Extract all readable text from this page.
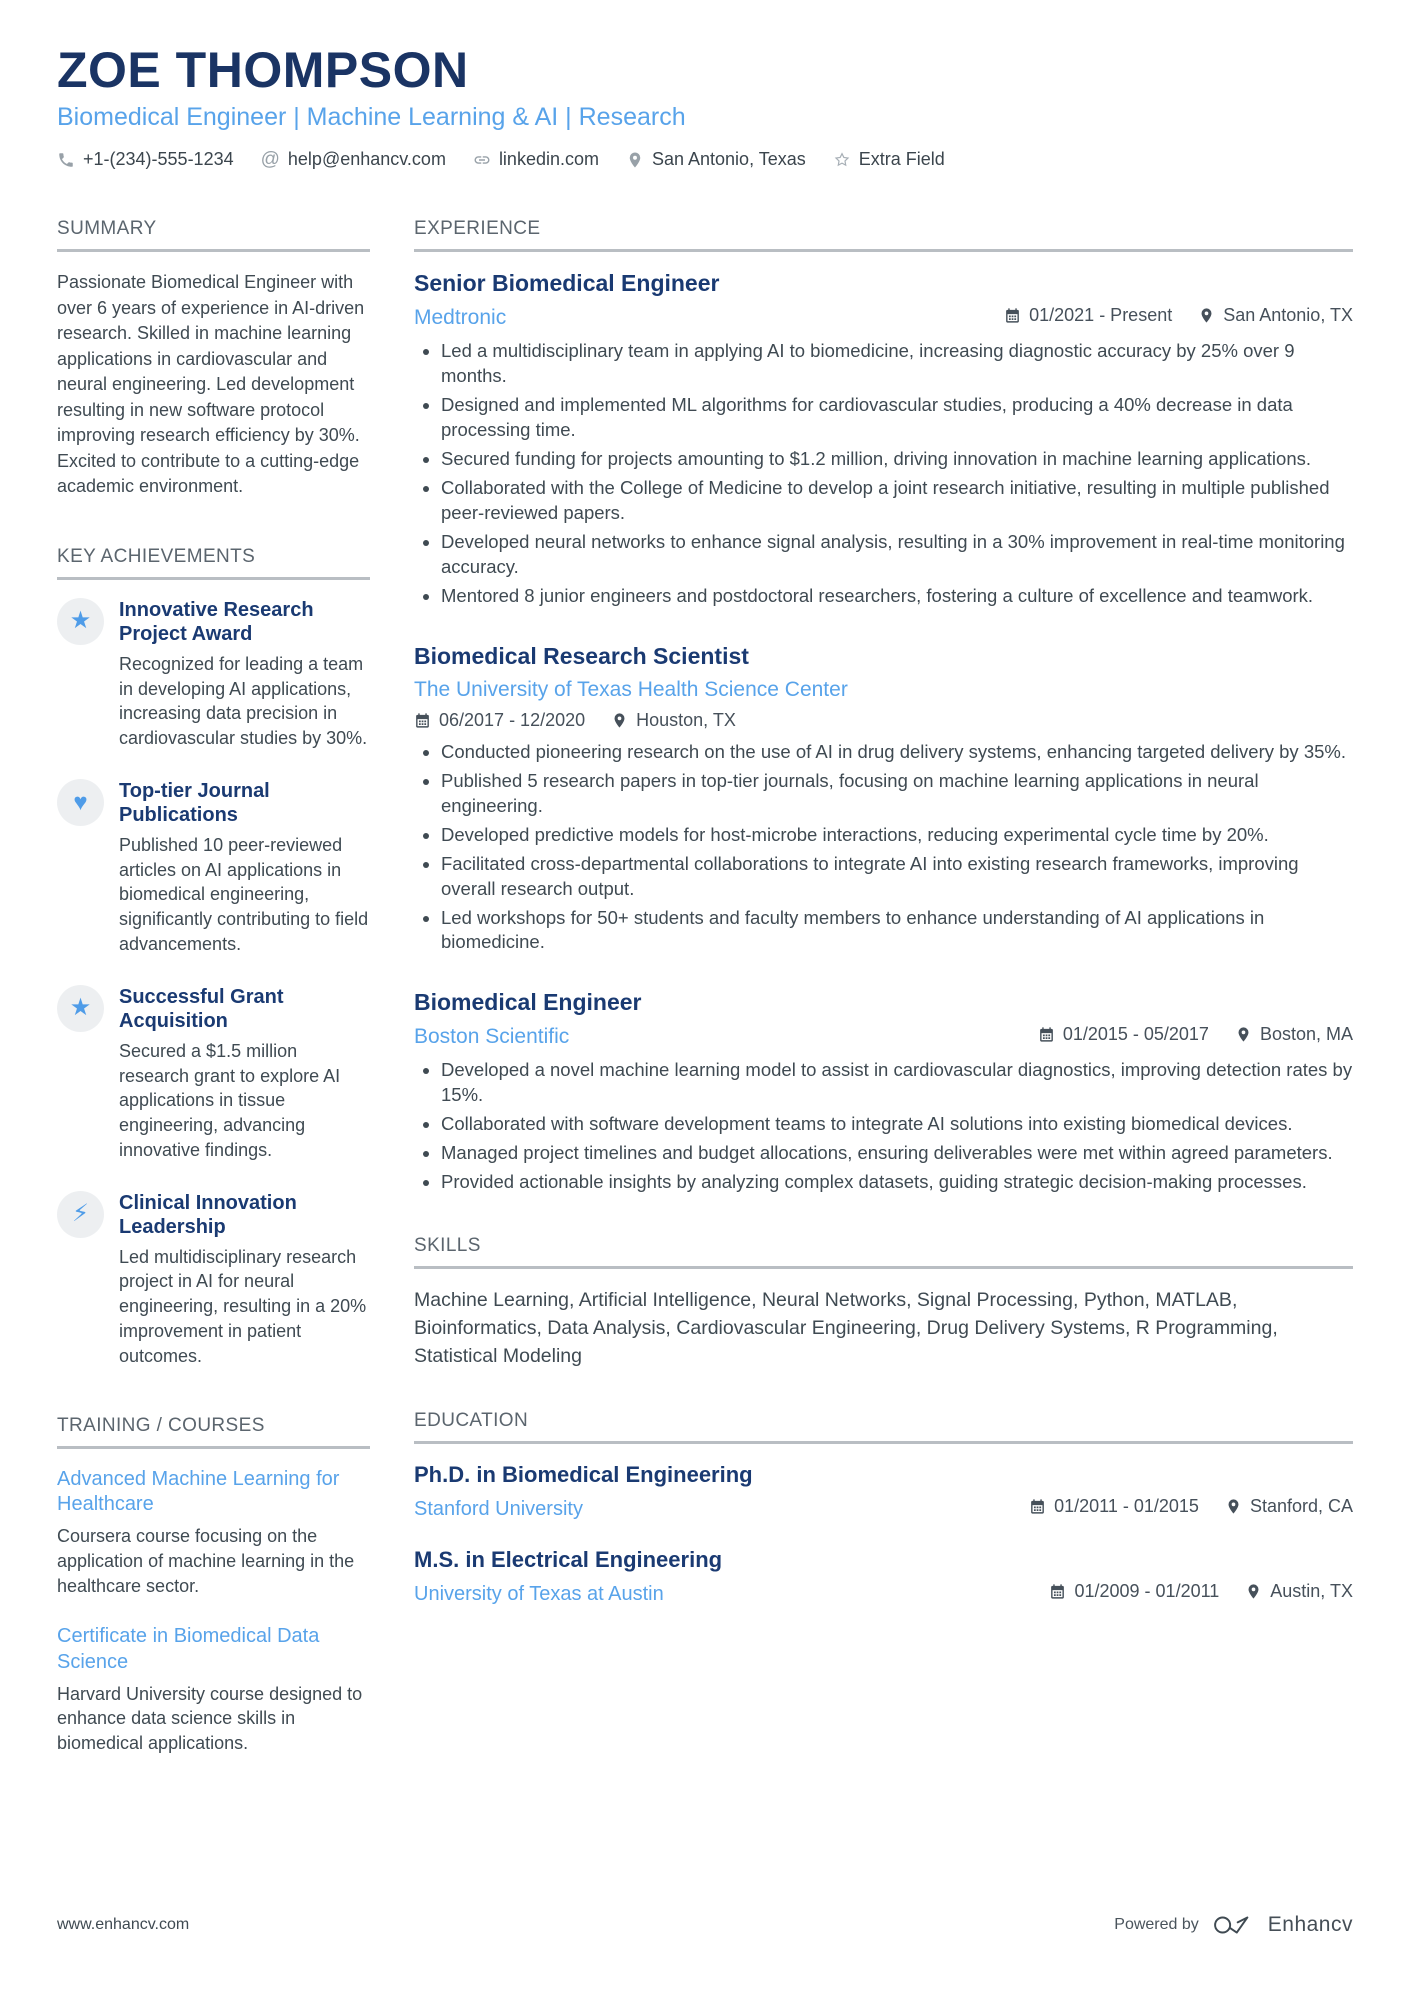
ZOE THOMPSON
Biomedical Engineer | Machine Learning & AI | Research
+1-(234)-555-1234 @ help@enhancv.com	linkedin.com	San Antonio, Texas	Extra Field
SUMMARY

Passionate Biomedical Engineer with over 6 years of experience in AI-driven research. Skilled in machine learning applications in cardiovascular and neural engineering. Led development resulting in new software protocol improving research efficiency by 30%. Excited to contribute to a cutting-edge academic environment.

KEY ACHIEVEMENTS
★ Innovative Research Project Award
Recognized for leading a team in developing AI applications, increasing data precision in cardiovascular studies by 30%.
♥ Top-tier Journal Publications
Published 10 peer-reviewed articles on AI applications in biomedical engineering, significantly contributing to field advancements.
★ Successful Grant Acquisition
Secured a $1.5 million research grant to explore AI applications in tissue engineering, advancing innovative findings.
⚡ Clinical Innovation Leadership
Led multidisciplinary research project in AI for neural engineering, resulting in a 20% improvement in patient outcomes.
TRAINING / COURSES
Advanced Machine Learning for Healthcare
Coursera course focusing on the application of machine learning in the healthcare sector.
Certificate in Biomedical Data Science
Harvard University course designed to enhance data science skills in biomedical applications.
EXPERIENCE
Senior Biomedical Engineer
Medtronic	01/2021 - Present	San Antonio, TX
• Led a multidisciplinary team in applying AI to biomedicine, increasing diagnostic accuracy by 25% over 9 months.
• Designed and implemented ML algorithms for cardiovascular studies, producing a 40% decrease in data processing time.
• Secured funding for projects amounting to $1.2 million, driving innovation in machine learning applications.
• Collaborated with the College of Medicine to develop a joint research initiative, resulting in multiple published peer-reviewed papers.
• Developed neural networks to enhance signal analysis, resulting in a 30% improvement in real-time monitoring accuracy.
• Mentored 8 junior engineers and postdoctoral researchers, fostering a culture of excellence and teamwork.
Biomedical Research Scientist
The University of Texas Health Science Center
06/2017 - 12/2020	Houston, TX
• Conducted pioneering research on the use of AI in drug delivery systems, enhancing targeted delivery by 35%.
• Published 5 research papers in top-tier journals, focusing on machine learning applications in neural engineering.
• Developed predictive models for host-microbe interactions, reducing experimental cycle time by 20%.
• Facilitated cross-departmental collaborations to integrate AI into existing research frameworks, improving overall research output.
• Led workshops for 50+ students and faculty members to enhance understanding of AI applications in biomedicine.
Biomedical Engineer
Boston Scientific	01/2015 - 05/2017	Boston, MA
• Developed a novel machine learning model to assist in cardiovascular diagnostics, improving detection rates by 15%.
• Collaborated with software development teams to integrate AI solutions into existing biomedical devices.
• Managed project timelines and budget allocations, ensuring deliverables were met within agreed parameters.
• Provided actionable insights by analyzing complex datasets, guiding strategic decision-making processes.
SKILLS

Machine Learning, Artificial Intelligence, Neural Networks, Signal Processing, Python, MATLAB, Bioinformatics, Data Analysis, Cardiovascular Engineering, Drug Delivery Systems, R Programming, Statistical Modeling

EDUCATION
Ph.D. in Biomedical Engineering
Stanford University	01/2011 - 01/2015	Stanford, CA
M.S. in Electrical Engineering
University of Texas at Austin	01/2009 - 01/2011	Austin, TX
www.enhancv.com	Powered by	Enhancv
